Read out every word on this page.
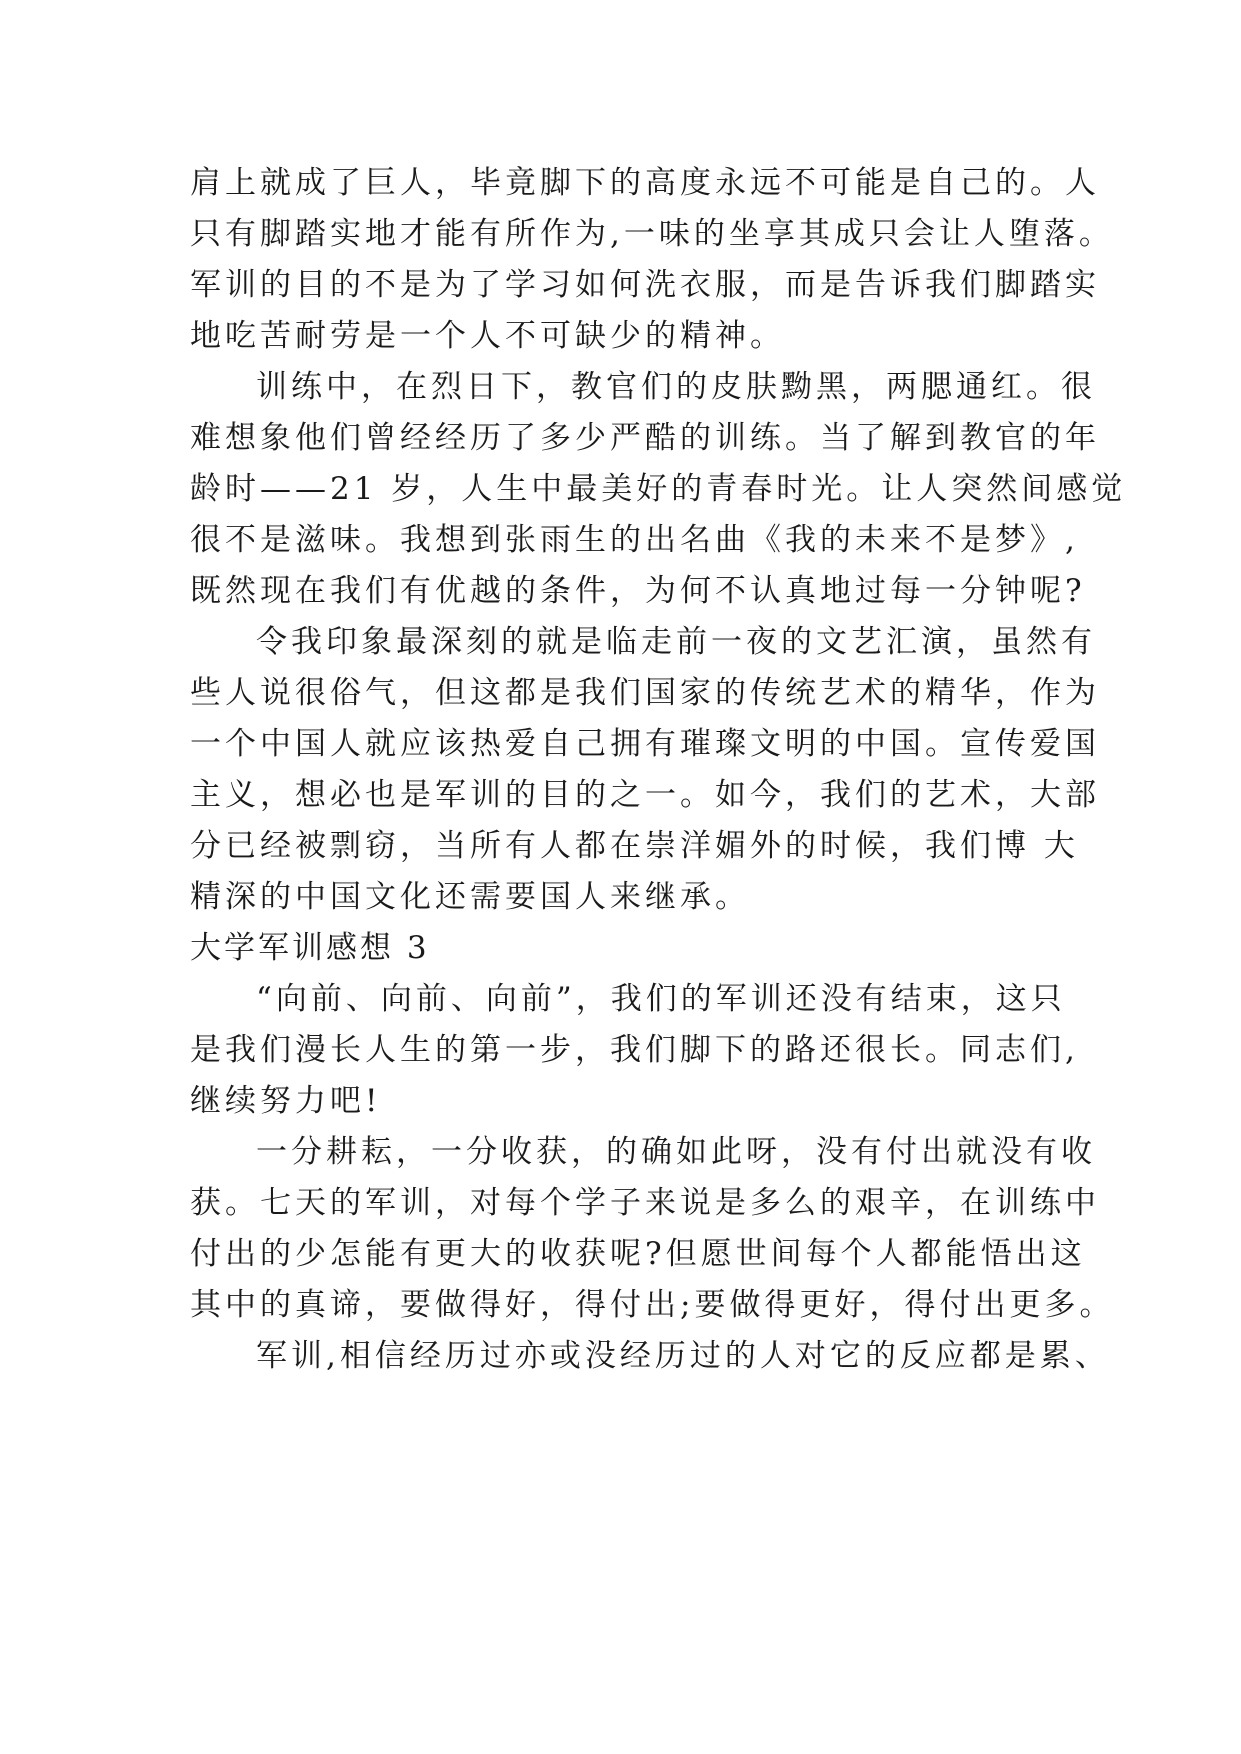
肩上就成了巨人，毕竟脚下的高度永远不可能是自己的。人
只有脚踏实地才能有所作为,一味的坐享其成只会让人堕落。
军训的目的不是为了学习如何洗衣服，而是告诉我们脚踏实
地吃苦耐劳是一个人不可缺少的精神。
训练中，在烈日下，教官们的皮肤黝黑，两腮通红。很
难想象他们曾经经历了多少严酷的训练。当了解到教官的年
龄时——21 岁，人生中最美好的青春时光。让人突然间感觉
很不是滋味。我想到张雨生的出名曲《我的未来不是梦》,
既然现在我们有优越的条件，为何不认真地过每一分钟呢?
令我印象最深刻的就是临走前一夜的文艺汇演，虽然有
些人说很俗气，但这都是我们国家的传统艺术的精华，作为
一个中国人就应该热爱自己拥有璀璨文明的中国。宣传爱国
主义，想必也是军训的目的之一。如今，我们的艺术，大部
分已经被剽窃，当所有人都在崇洋媚外的时候，我们博 大
精深的中国文化还需要国人来继承。
大学军训感想 3
“向前、向前、向前”，我们的军训还没有结束，这只
是我们漫长人生的第一步，我们脚下的路还很长。同志们,
继续努力吧!
一分耕耘，一分收获，的确如此呀，没有付出就没有收
获。七天的军训，对每个学子来说是多么的艰辛，在训练中
付出的少怎能有更大的收获呢?但愿世间每个人都能悟出这
其中的真谛，要做得好，得付出;要做得更好，得付出更多。
军训,相信经历过亦或没经历过的人对它的反应都是累、
